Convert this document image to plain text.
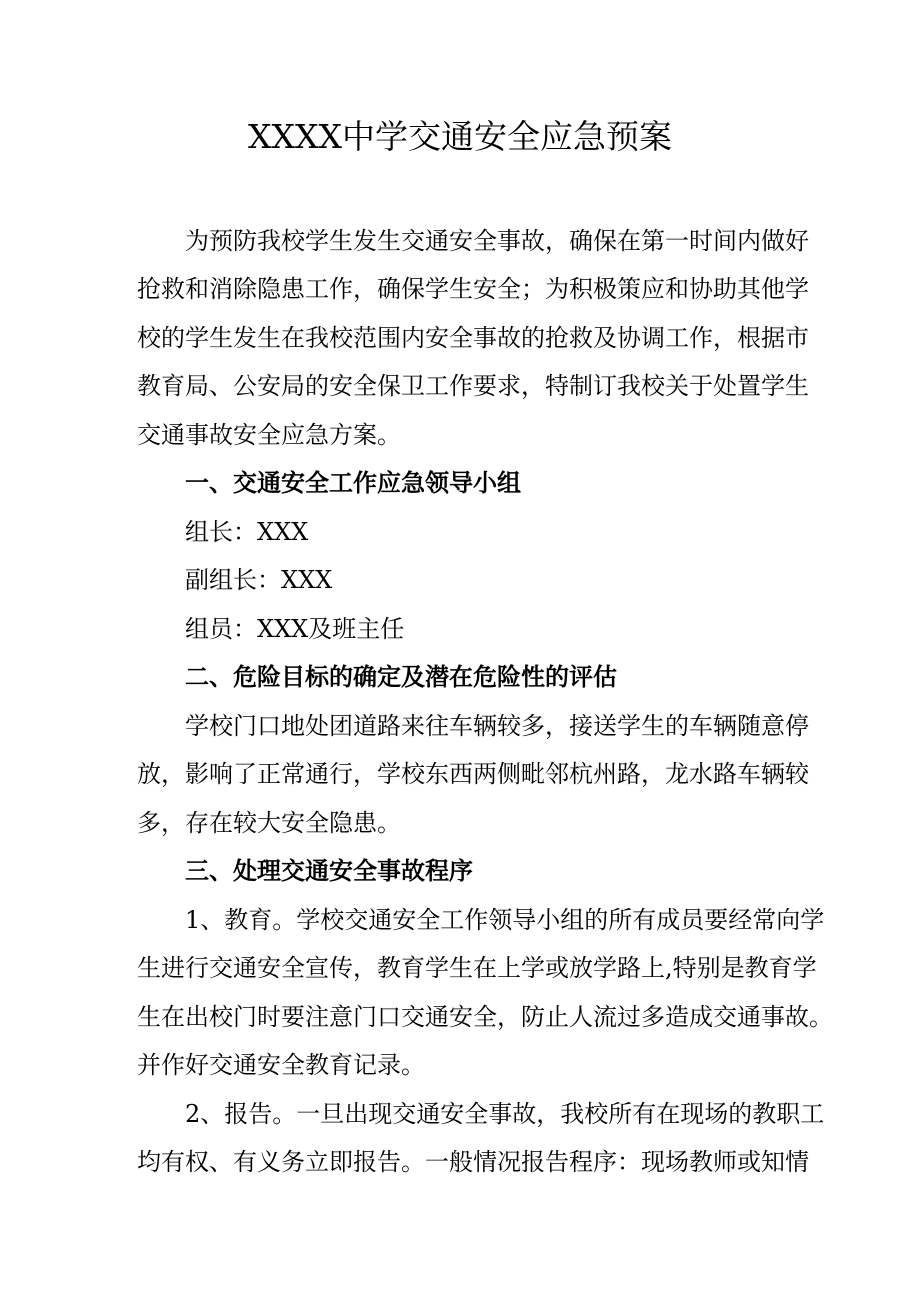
XXXX中学交通安全应急预案
为预防我校学生发生交通安全事故，确保在第一时间内做好
抢救和消除隐患工作，确保学生安全；为积极策应和协助其他学
校的学生发生在我校范围内安全事故的抢救及协调工作，根据市
教育局、公安局的安全保卫工作要求，特制订我校关于处置学生
交通事故安全应急方案。
一、交通安全工作应急领导小组
组长：XXX
副组长：XXX
组员：XXX及班主任
二、危险目标的确定及潜在危险性的评估
学校门口地处团道路来往车辆较多，接送学生的车辆随意停
放，影响了正常通行，学校东西两侧毗邻杭州路，龙水路车辆较
多，存在较大安全隐患。
三、处理交通安全事故程序
1、教育。学校交通安全工作领导小组的所有成员要经常向学
生进行交通安全宣传，教育学生在上学或放学路上,特别是教育学
生在出校门时要注意门口交通安全，防止人流过多造成交通事故。
并作好交通安全教育记录。
2、报告。一旦出现交通安全事故，我校所有在现场的教职工
均有权、有义务立即报告。一般情况报告程序：现场教师或知情
